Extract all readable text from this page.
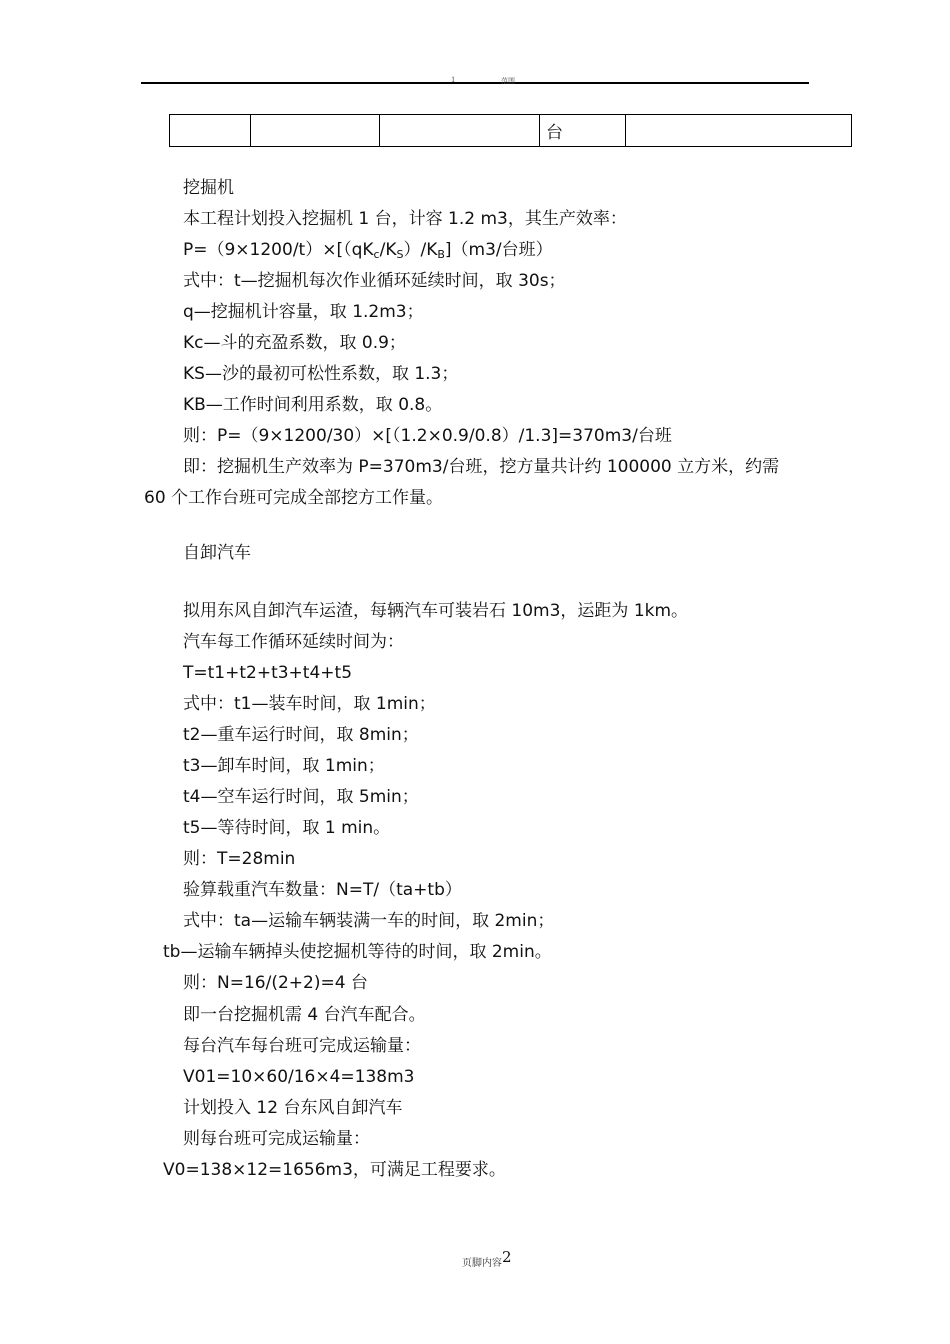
1	范围
			台	
挖掘机
本工程计划投入挖掘机 1 台，计容 1.2 m3，其生产效率：
$P=(9\times 1200/t)\times[(qK_c/K_S)/K_B](m3/$台班）
式中：t—挖掘机每次作业循环延续时间，取 30s；
q—挖掘机计容量，取 1.2m3；
Kc—斗的充盈系数，取 0.9；
KS—沙的最初可松性系数，取 1.3；
KB—工作时间利用系数，取 0.8。
则：P=（9×1200/30）×[（1.2×0.9/0.8）/1.3]=370m3/台班
即：挖掘机生产效率为 P=370m3/台班，挖方量共计约 100000 立方米，约需
60 个工作台班可完成全部挖方工作量。
自卸汽车
拟用东风自卸汽车运渣，每辆汽车可装岩石 10m3，运距为 1km。
汽车每工作循环延续时间为：
T=t1+t2+t3+t4+t5
式中：t1—装车时间，取 1min；
t2—重车运行时间，取 8min；
t3—卸车时间，取 1min；
t4—空车运行时间，取 5min；
t5—等待时间，取 1 min。
则：T=28min
验算载重汽车数量：N=T/（ta+tb）
式中：ta—运输车辆装满一车的时间，取 2min；
tb—运输车辆掉头使挖掘机等待的时间，取 2min。
则：N=16/(2+2)=4 台
即一台挖掘机需 4 台汽车配合。
每台汽车每台班可完成运输量：
V01=10×60/16×4=138m3
计划投入 12 台东风自卸汽车
则每台班可完成运输量：
V0=138×12=1656m3，可满足工程要求。
页脚内容2
